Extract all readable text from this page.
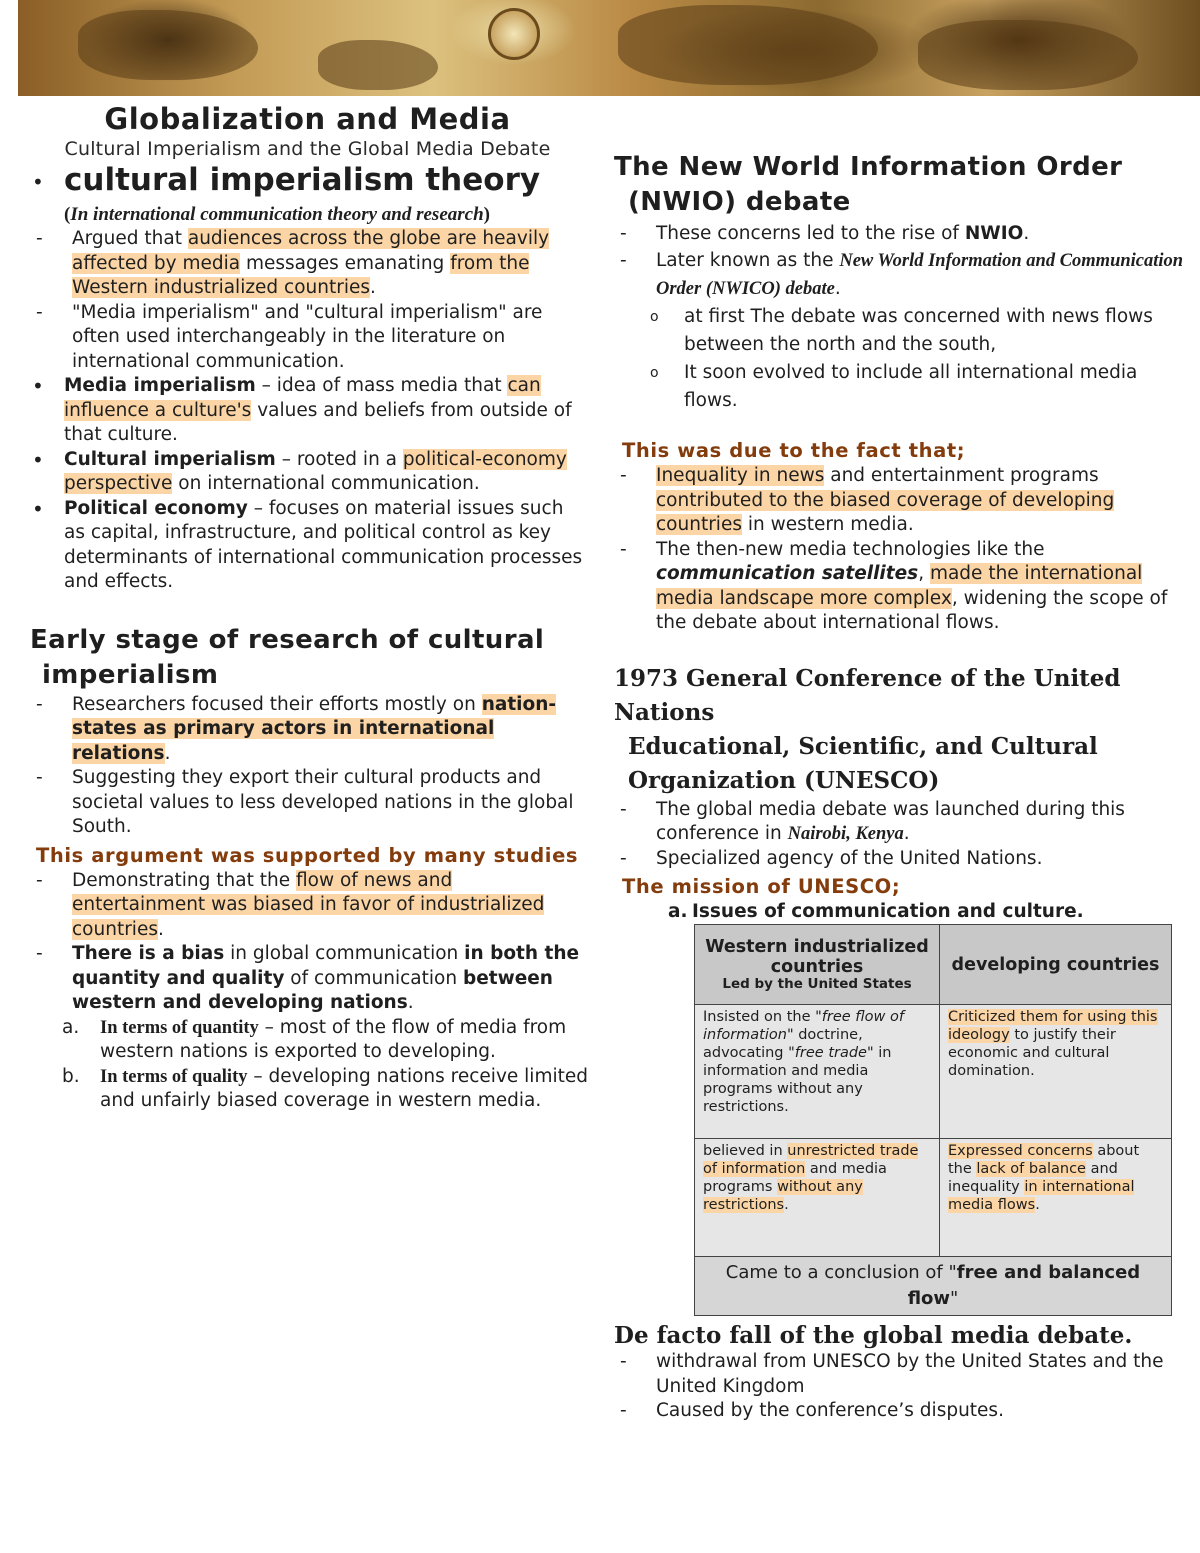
Globalization and Media
Cultural Imperialism and the Global Media Debate
• cultural imperialism theory
(In international communication theory and research)
- Argued that audiences across the globe are heavily affected by media messages emanating from the Western industrialized countries.
- "Media imperialism" and "cultural imperialism" are often used interchangeably in the literature on international communication.
• Media imperialism – idea of mass media that can influence a culture's values and beliefs from outside of that culture.
• Cultural imperialism – rooted in a political-economy perspective on international communication.
• Political economy – focuses on material issues such as capital, infrastructure, and political control as key determinants of international communication processes and effects.
Early stage of research of cultural
imperialism
- Researchers focused their efforts mostly on nation-states as primary actors in international relations.
- Suggesting they export their cultural products and societal values to less developed nations in the global South.
This argument was supported by many studies
- Demonstrating that the flow of news and entertainment was biased in favor of industrialized countries.
- There is a bias in global communication in both the quantity and quality of communication between western and developing nations.
a. In terms of quantity – most of the flow of media from western nations is exported to developing.
b. In terms of quality – developing nations receive limited and unfairly biased coverage in western media.
The New World Information Order
(NWIO) debate
- These concerns led to the rise of NWIO.
- Later known as the New World Information and Communication Order (NWICO) debate.
o at first The debate was concerned with news flows between the north and the south,
o It soon evolved to include all international media flows.
This was due to the fact that;
- Inequality in news and entertainment programs contributed to the biased coverage of developing countries in western media.
- The then-new media technologies like the communication satellites, made the international media landscape more complex, widening the scope of the debate about international flows.
1973 General Conference of the United Nations
Educational, Scientific, and Cultural
Organization (UNESCO)
- The global media debate was launched during this conference in Nairobi, Kenya.
- Specialized agency of the United Nations.
The mission of UNESCO;
a. Issues of communication and culture.
Western industrialized countries
Led by the United States	developing countries
Insisted on the "free flow of information" doctrine, advocating "free trade" in information and media programs without any restrictions.	Criticized them for using this ideology to justify their economic and cultural domination.
believed in unrestricted trade of information and media programs without any restrictions.	Expressed concerns about the lack of balance and inequality in international media flows.
Came to a conclusion of "free and balanced flow"	
De facto fall of the global media debate.
- withdrawal from UNESCO by the United States and the United Kingdom
- Caused by the conference’s disputes.
